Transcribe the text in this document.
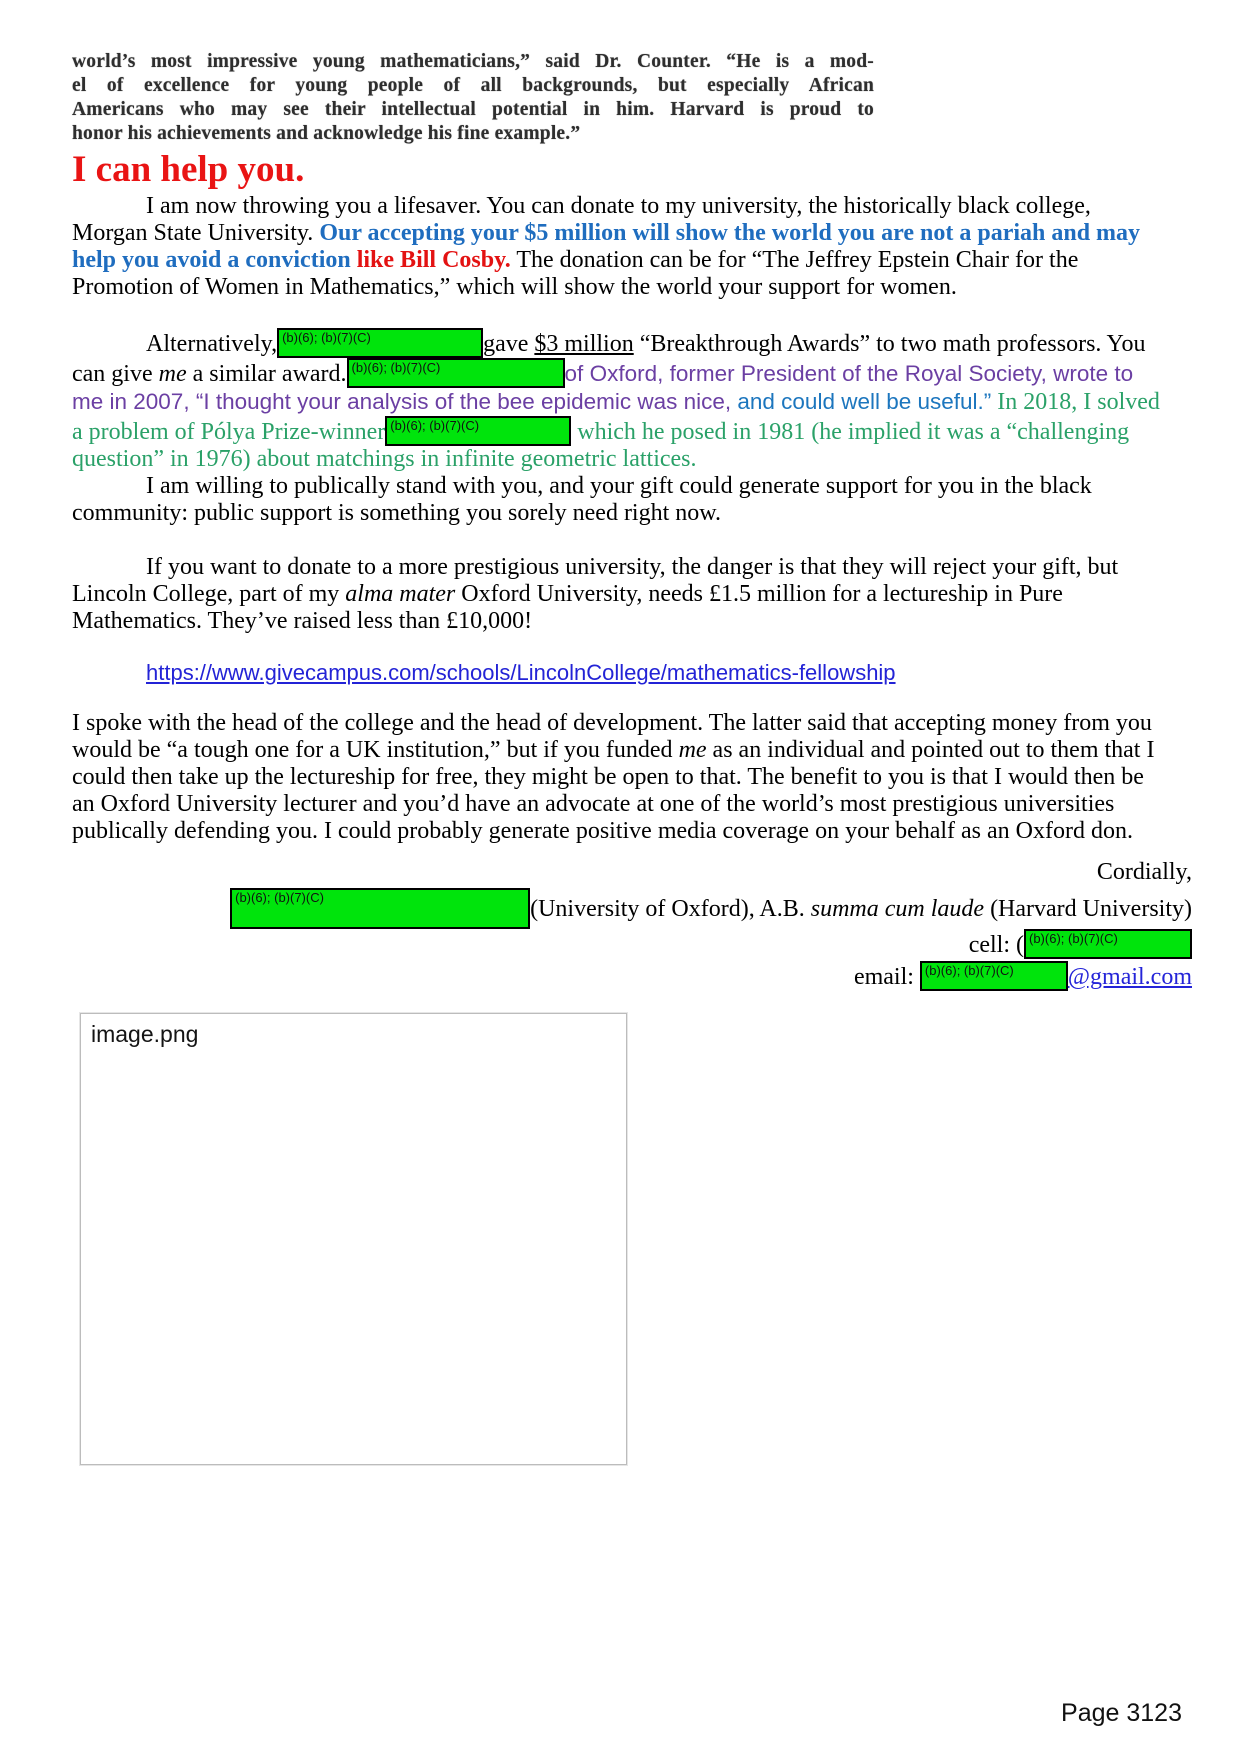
world’s most impressive young mathematicians,” said Dr. Counter. “He is a mod-
el of excellence for young people of all backgrounds, but especially African
Americans who may see their intellectual potential in him. Harvard is proud to
honor his achievements and acknowledge his fine example.”
I can help you.

I am now throwing you a lifesaver. You can donate to my university, the historically black college, Morgan State University. Our accepting your $5 million will show the world you are not a pariah and may help you avoid a conviction like Bill Cosby. The donation can be for “The Jeffrey Epstein Chair for the Promotion of Women in Mathematics,” which will show the world your support for women.

Alternatively, (b)(6); (b)(7)(C)	gave $3 million “Breakthrough Awards” to two math professors. You can give me a similar award. (b)(6); (b)(7)(C)	of Oxford, former President of the Royal Society, wrote to me in 2007, “I thought your analysis of the bee epidemic was nice, and could well be useful.” In 2018, I solved a problem of Pólya Prize-winner (b)(6); (b)(7)(C)	which he posed in 1981 (he implied it was a “challenging question” in 1976) about matchings in infinite geometric lattices.

I am willing to publically stand with you, and your gift could generate support for you in the black community: public support is something you sorely need right now.

If you want to donate to a more prestigious university, the danger is that they will reject your gift, but Lincoln College, part of my alma mater Oxford University, needs £1.5 million for a lectureship in Pure Mathematics. They’ve raised less than £10,000!

https://www.givecampus.com/schools/LincolnCollege/mathematics-fellowship

I spoke with the head of the college and the head of development. The latter said that accepting money from you would be “a tough one for a UK institution,” but if you funded me as an individual and pointed out to them that I could then take up the lectureship for free, they might be open to that. The benefit to you is that I would then be an Oxford University lecturer and you’d have an advocate at one of the world’s most prestigious universities publically defending you. I could probably generate positive media coverage on your behalf as an Oxford don.

Cordially,

(b)(6); (b)(7)(C)	(University of Oxford), A.B. summa cum laude (Harvard University)

cell: ( (b)(6); (b)(7)(C)

email: (b)(6); (b)(7)(C) @gmail.com

image.png
Page 3123
